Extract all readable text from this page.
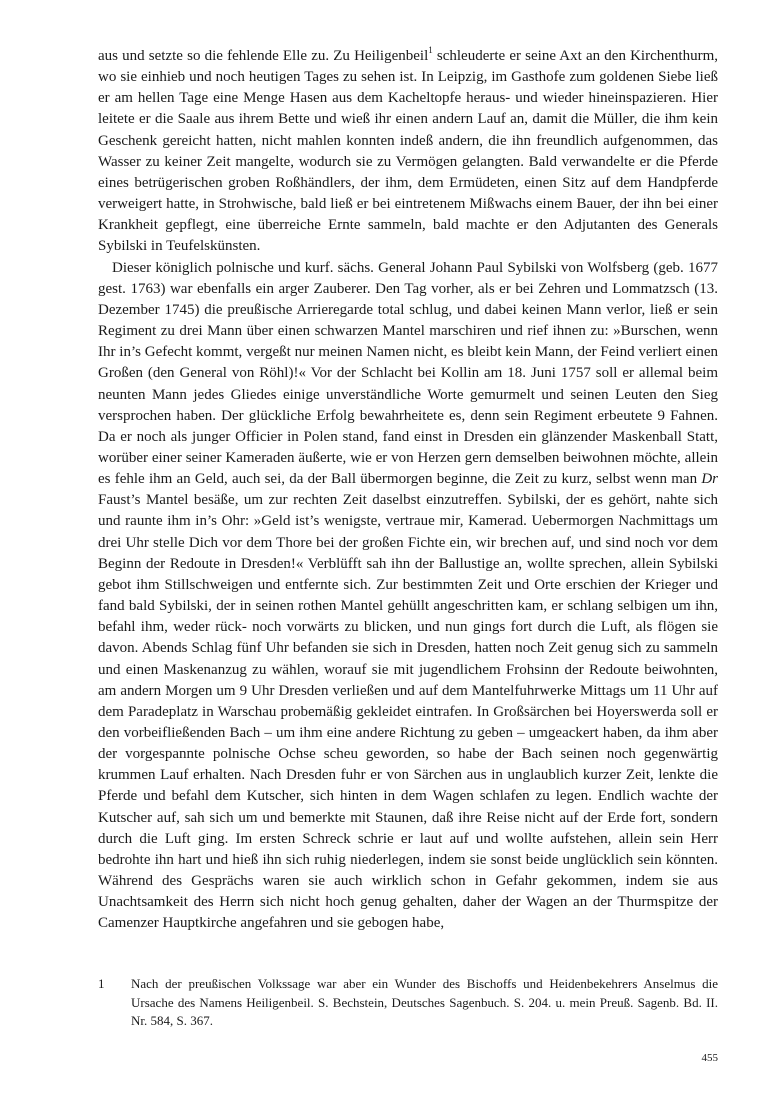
aus und setzte so die fehlende Elle zu. Zu Heiligenbeil$^1$ schleuderte er seine Axt an den Kirchenthurm, wo sie einhieb und noch heutigen Tages zu sehen ist. In Leipzig, im Gasthofe zum goldenen Siebe ließ er am hellen Tage eine Menge Hasen aus dem Kacheltopfe heraus- und wieder hineinspazieren. Hier leitete er die Saale aus ihrem Bette und wieß ihr einen andern Lauf an, damit die Müller, die ihm kein Geschenk gereicht hatten, nicht mahlen konnten indeß andern, die ihn freundlich aufgenommen, das Wasser zu keiner Zeit mangelte, wodurch sie zu Vermögen gelangten. Bald verwandelte er die Pferde eines betrügerischen groben Roßhändlers, der ihm, dem Ermüdeten, einen Sitz auf dem Handpferde verweigert hatte, in Strohwische, bald ließ er bei eintretenem Mißwachs einem Bauer, der ihn bei einer Krankheit gepflegt, eine überreiche Ernte sammeln, bald machte er den Adjutanten des Generals Sybilski in Teufelskünsten.

Dieser königlich polnische und kurf. sächs. General Johann Paul Sybilski von Wolfsberg (geb. 1677 gest. 1763) war ebenfalls ein arger Zauberer. Den Tag vorher, als er bei Zehren und Lommatzsch (13. Dezember 1745) die preußische Arrieregarde total schlug, und dabei keinen Mann verlor, ließ er sein Regiment zu drei Mann über einen schwarzen Mantel marschiren und rief ihnen zu: »Burschen, wenn Ihr in’s Gefecht kommt, vergeßt nur meinen Namen nicht, es bleibt kein Mann, der Feind verliert einen Großen (den General von Röhl)!« Vor der Schlacht bei Kollin am 18. Juni 1757 soll er allemal beim neunten Mann jedes Gliedes einige unverständliche Worte gemurmelt und seinen Leuten den Sieg versprochen haben. Der glückliche Erfolg bewahrheitete es, denn sein Regiment erbeutete 9 Fahnen. Da er noch als junger Officier in Polen stand, fand einst in Dresden ein glänzender Maskenball Statt, worüber einer seiner Kameraden äußerte, wie er von Herzen gern demselben beiwohnen möchte, allein es fehle ihm an Geld, auch sei, da der Ball übermorgen beginne, die Zeit zu kurz, selbst wenn man Dr Faust’s Mantel besäße, um zur rechten Zeit daselbst einzutreffen. Sybilski, der es gehört, nahte sich und raunte ihm in’s Ohr: »Geld ist’s wenigste, vertraue mir, Kamerad. Uebermorgen Nachmittags um drei Uhr stelle Dich vor dem Thore bei der großen Fichte ein, wir brechen auf, und sind noch vor dem Beginn der Redoute in Dresden!« Verblüfft sah ihn der Ballustige an, wollte sprechen, allein Sybilski gebot ihm Stillschweigen und entfernte sich. Zur bestimmten Zeit und Orte erschien der Krieger und fand bald Sybilski, der in seinen rothen Mantel gehüllt angeschritten kam, er schlang selbigen um ihn, befahl ihm, weder rück- noch vorwärts zu blicken, und nun gings fort durch die Luft, als flögen sie davon. Abends Schlag fünf Uhr befanden sie sich in Dresden, hatten noch Zeit genug sich zu sammeln und einen Maskenanzug zu wählen, worauf sie mit jugendlichem Frohsinn der Redoute beiwohnten, am andern Morgen um 9 Uhr Dresden verließen und auf dem Mantelfuhrwerke Mittags um 11 Uhr auf dem Paradeplatz in Warschau probemäßig gekleidet eintrafen. In Großsärchen bei Hoyerswerda soll er den vorbeifließenden Bach – um ihm eine andere Richtung zu geben – umgeackert haben, da ihm aber der vorgespannte polnische Ochse scheu geworden, so habe der Bach seinen noch gegenwärtig krummen Lauf erhalten. Nach Dresden fuhr er von Särchen aus in unglaublich kurzer Zeit, lenkte die Pferde und befahl dem Kutscher, sich hinten in dem Wagen schlafen zu legen. Endlich wachte der Kutscher auf, sah sich um und bemerkte mit Staunen, daß ihre Reise nicht auf der Erde fort, sondern durch die Luft ging. Im ersten Schreck schrie er laut auf und wollte aufstehen, allein sein Herr bedrohte ihn hart und hieß ihn sich ruhig niederlegen, indem sie sonst beide unglücklich sein könnten. Während des Gesprächs waren sie auch wirklich schon in Gefahr gekommen, indem sie aus Unachtsamkeit des Herrn sich nicht hoch genug gehalten, daher der Wagen an der Thurmspitze der Camenzer Hauptkirche angefahren und sie gebogen habe,

1 Nach der preußischen Volkssage war aber ein Wunder des Bischoffs und Heidenbekehrers Anselmus die Ursache des Namens Heiligenbeil. S. Bechstein, Deutsches Sagenbuch. S. 204. u. mein Preuß. Sagenb. Bd. II. Nr. 584, S. 367.
455
